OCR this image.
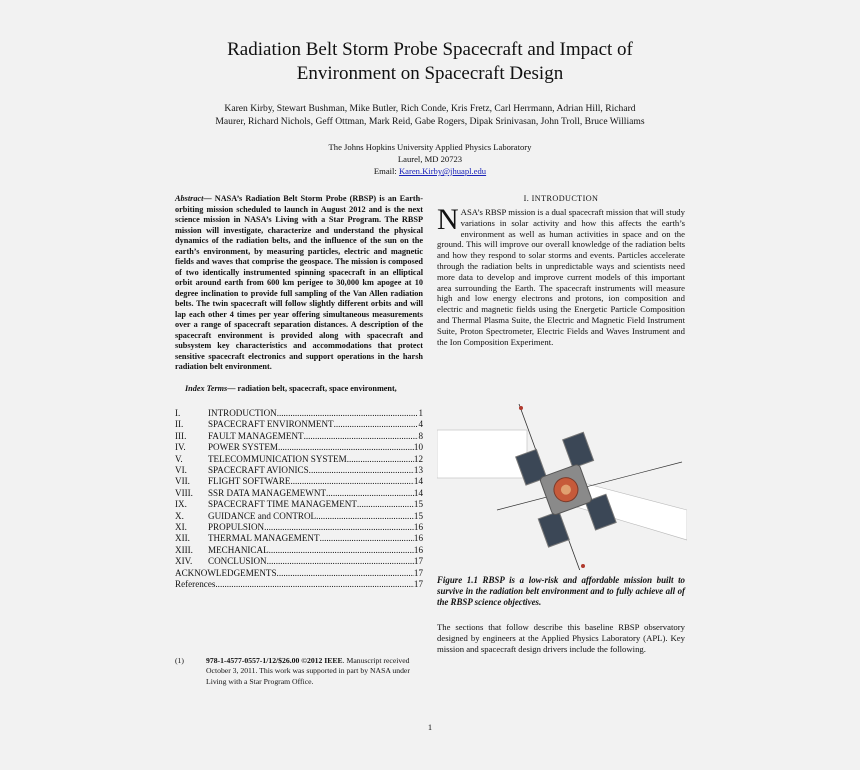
Radiation Belt Storm Probe Spacecraft and Impact of
Environment on Spacecraft Design
Karen Kirby, Stewart Bushman, Mike Butler, Rich Conde, Kris Fretz, Carl Herrmann, Adrian Hill, Richard
Maurer, Richard Nichols, Geff Ottman, Mark Reid, Gabe Rogers, Dipak Srinivasan, John Troll, Bruce Williams
The Johns Hopkins University Applied Physics Laboratory
Laurel, MD 20723
Email: Karen.Kirby@jhuapl.edu

Abstract— NASA’s Radiation Belt Storm Probe (RBSP) is an Earth-orbiting mission scheduled to launch in August 2012 and is the next science mission in NASA’s Living with a Star Program. The RBSP mission will investigate, characterize and understand the physical dynamics of the radiation belts, and the influence of the sun on the earth’s environment, by measuring particles, electric and magnetic fields and waves that comprise the geospace. The mission is composed of two identically instrumented spinning spacecraft in an elliptical orbit around earth from 600 km perigee to 30,000 km apogee at 10 degree inclination to provide full sampling of the Van Allen radiation belts. The twin spacecraft will follow slightly different orbits and will lap each other 4 times per year offering simultaneous measurements over a range of spacecraft separation distances. A description of the spacecraft environment is provided along with spacecraft and subsystem key characteristics and accommodations that protect sensitive spacecraft electronics and support operations in the harsh radiation belt environment.

Index Terms— radiation belt, spacecraft, space environment,
I.	INTRODUCTION .....	1
II.	SPACECRAFT ENVIRONMENT .....	4
III.	FAULT MANAGEMENT .....	8
IV.	POWER SYSTEM .....	10
V.	TELECOMMUNICATION SYSTEM .....	12
VI.	SPACECRAFT AVIONICS .....	13
VII.	FLIGHT SOFTWARE .....	14
VIII.	SSR DATA MANAGEMEWNT .....	14
IX.	SPACECRAFT TIME MANAGEMENT .....	15
X.	GUIDANCE and CONTROL .....	15
XI.	PROPULSION .....	16
XII.	THERMAL MANAGEMENT .....	16
XIII.	MECHANICAL .....	16
XIV.	CONCLUSION .....	17
ACKNOWLEDGEMENTS .....	17
References .....	17
(1)	978-1-4577-0557-1/12/$26.00 ©2012 IEEE. Manuscript received October 3, 2011. This work was supported in part by NASA under Living with a Star Program Office.
I. INTRODUCTION

NASA’s RBSP mission is a dual spacecraft mission that will study variations in solar activity and how this affects the earth’s environment as well as human activities in space and on the ground. This will improve our overall knowledge of the radiation belts and how they respond to solar storms and events. Particles accelerate through the radiation belts in unpredictable ways and scientists need more data to develop and improve current models of this important area surrounding the Earth. The spacecraft instruments will measure high and low energy electrons and protons, ion composition and electric and magnetic fields using the Energetic Particle Composition and Thermal Plasma Suite, the Electric and Magnetic Field Instrument Suite, Proton Spectrometer, Electric Fields and Waves Instrument and the Ion Composition Experiment.

Figure 1.1 RBSP is a low-risk and affordable mission built to survive in the radiation belt environment and to fully achieve all of the RBSP science objectives.
The sections that follow describe this baseline RBSP observatory designed by engineers at the Applied Physics Laboratory (APL). Key mission and spacecraft design drivers include the following.
1
